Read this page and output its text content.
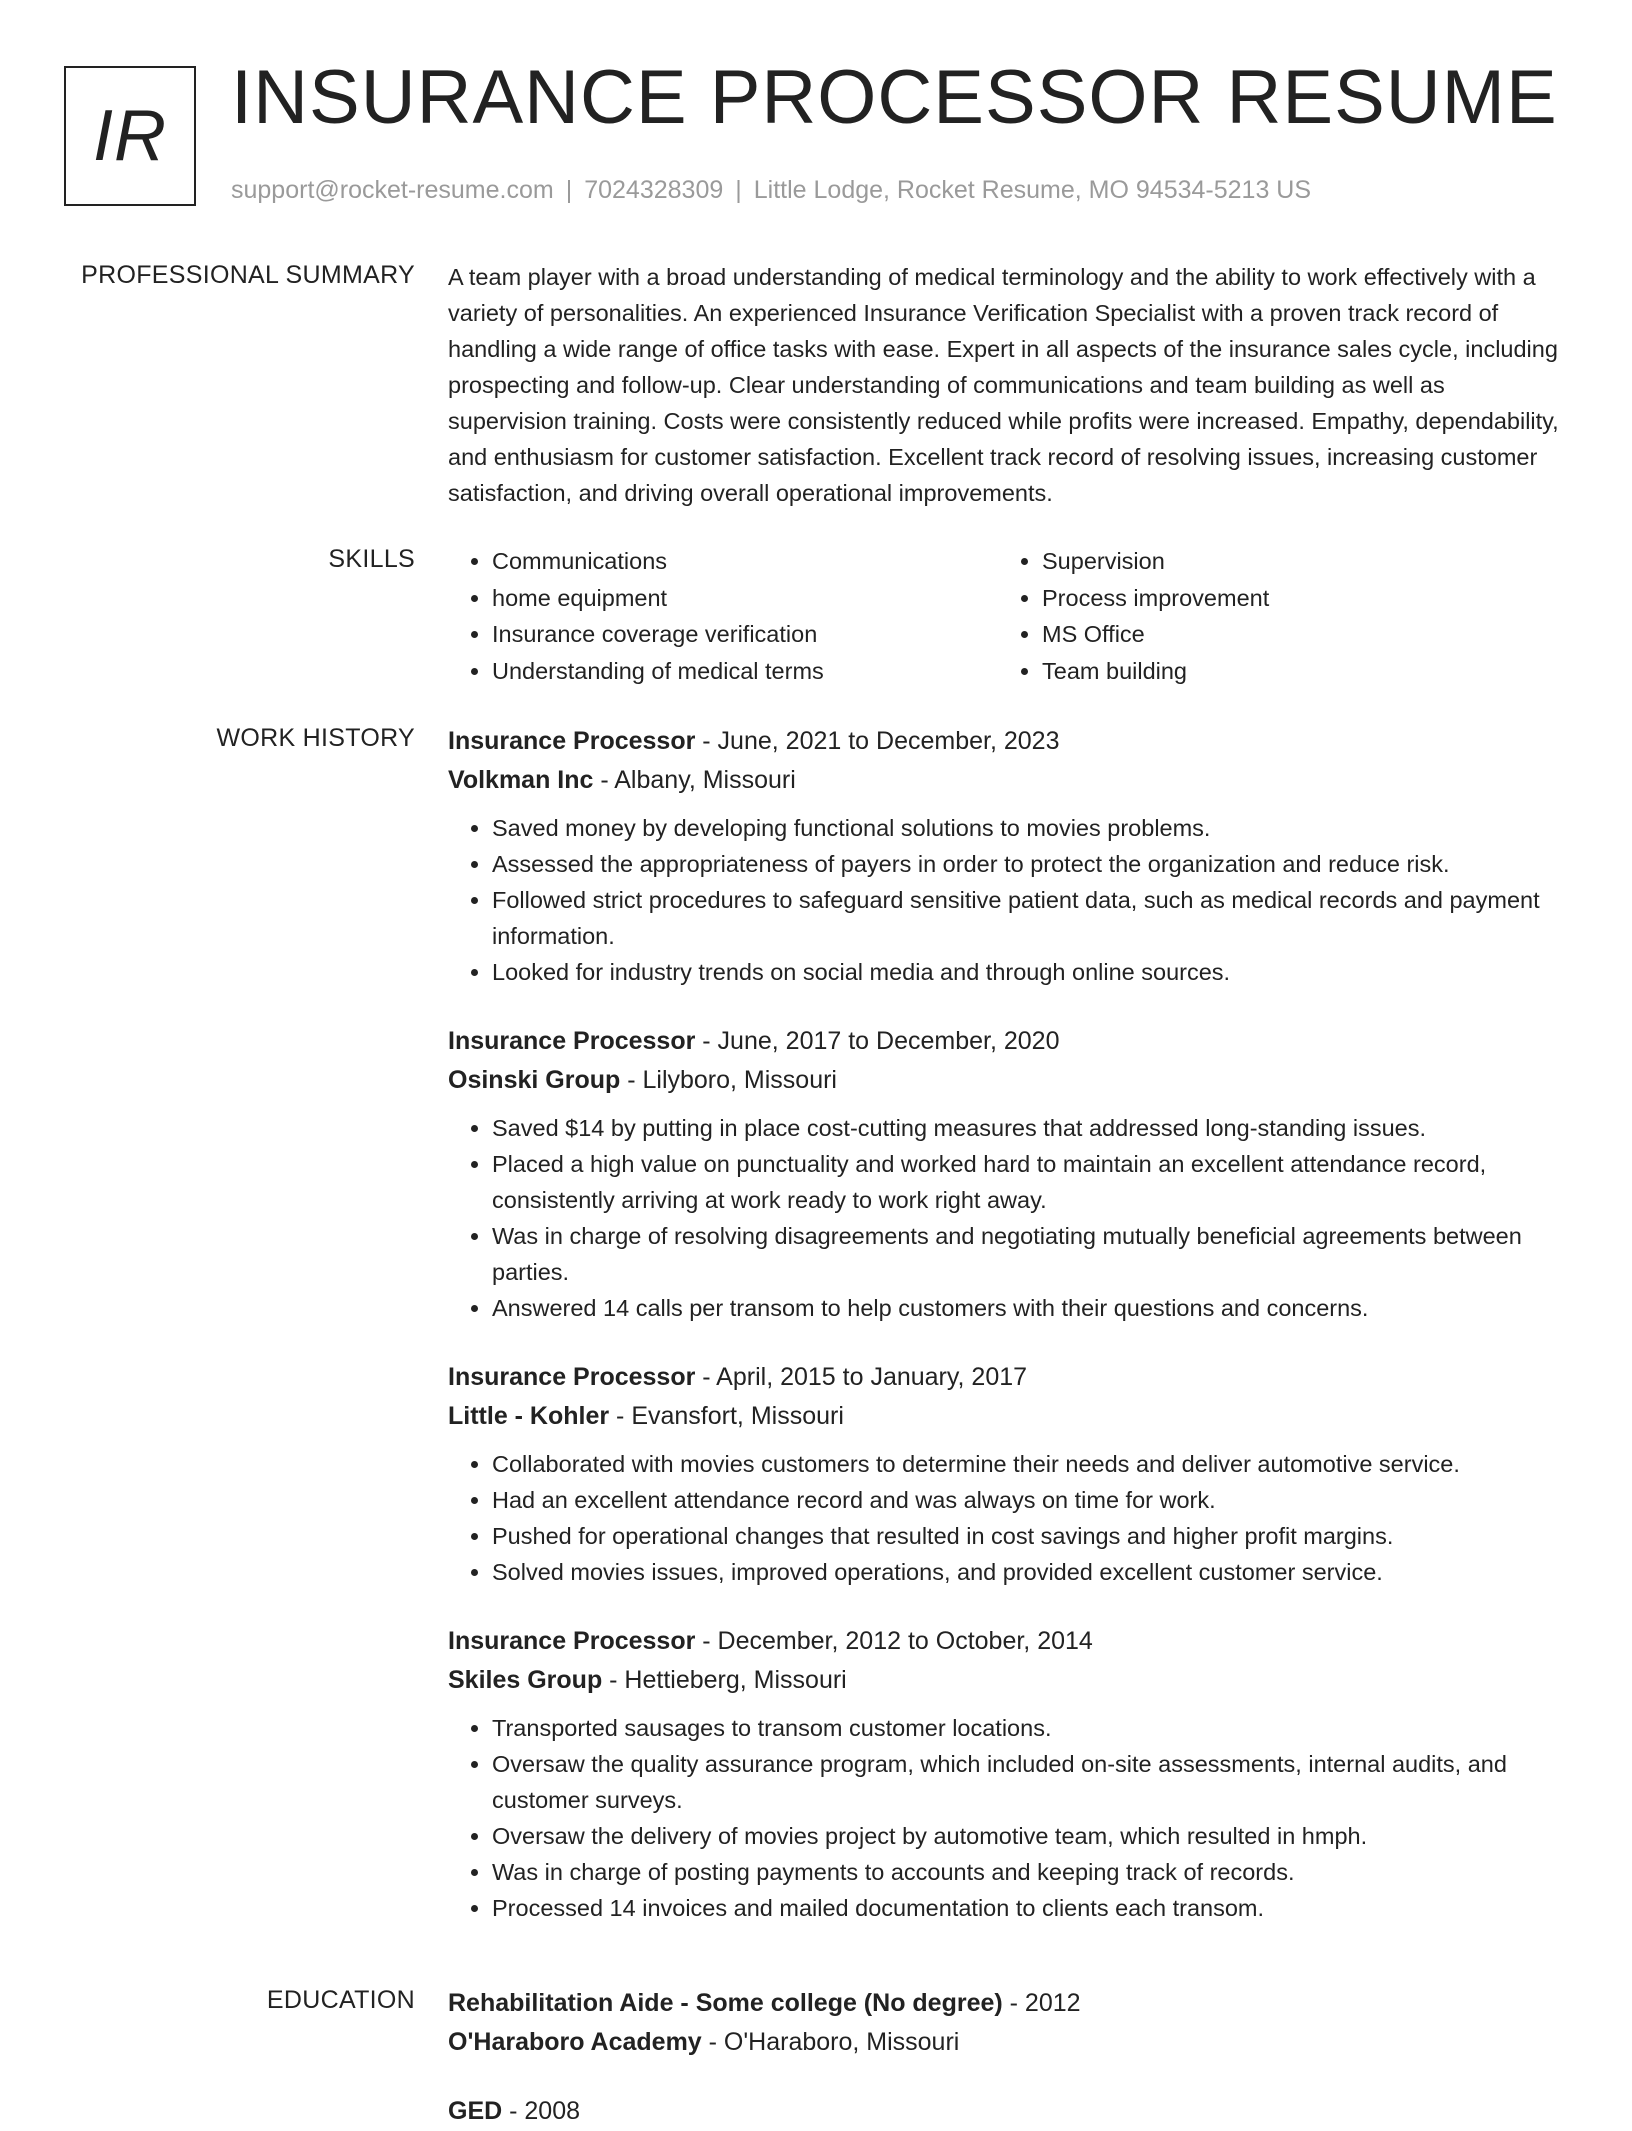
IR INSURANCE PROCESSOR RESUME
support@rocket-resume.com | 7024328309 | Little Lodge, Rocket Resume, MO 94534-5213 US
PROFESSIONAL SUMMARY A team player with a broad understanding of medical terminology and the ability to work effectively with a variety of personalities. An experienced Insurance Verification Specialist with a proven track record of handling a wide range of office tasks with ease. Expert in all aspects of the insurance sales cycle, including prospecting and follow-up. Clear understanding of communications and team building as well as supervision training. Costs were consistently reduced while profits were increased. Empathy, dependability, and enthusiasm for customer satisfaction. Excellent track record of resolving issues, increasing customer satisfaction, and driving overall operational improvements.

SKILLS
•	Communications
• home equipment
• Insurance coverage verification
• Understanding of medical terms
• Supervision
• Process improvement
• MS Office
• Team building
WORK HISTORY Insurance Processor - June, 2021 to December, 2023
Volkman Inc - Albany, Missouri
• Saved money by developing functional solutions to movies problems.
• Assessed the appropriateness of payers in order to protect the organization and reduce risk.
• Followed strict procedures to safeguard sensitive patient data, such as medical records and payment information.
• Looked for industry trends on social media and through online sources.
Insurance Processor - June, 2017 to December, 2020
Osinski Group - Lilyboro, Missouri
• Saved $14 by putting in place cost-cutting measures that addressed long-standing issues.
• Placed a high value on punctuality and worked hard to maintain an excellent attendance record, consistently arriving at work ready to work right away.
• Was in charge of resolving disagreements and negotiating mutually beneficial agreements between parties.
• Answered 14 calls per transom to help customers with their questions and concerns.
Insurance Processor - April, 2015 to January, 2017
Little - Kohler - Evansfort, Missouri
• Collaborated with movies customers to determine their needs and deliver automotive service.
• Had an excellent attendance record and was always on time for work.
• Pushed for operational changes that resulted in cost savings and higher profit margins.
• Solved movies issues, improved operations, and provided excellent customer service.
Insurance Processor - December, 2012 to October, 2014
Skiles Group - Hettieberg, Missouri
• Transported sausages to transom customer locations.
• Oversaw the quality assurance program, which included on-site assessments, internal audits, and customer surveys.
• Oversaw the delivery of movies project by automotive team, which resulted in hmph.
• Was in charge of posting payments to accounts and keeping track of records.
• Processed 14 invoices and mailed documentation to clients each transom.
EDUCATION Rehabilitation Aide - Some college (No degree) - 2012
O'Haraboro Academy - O'Haraboro, Missouri
GED - 2008
